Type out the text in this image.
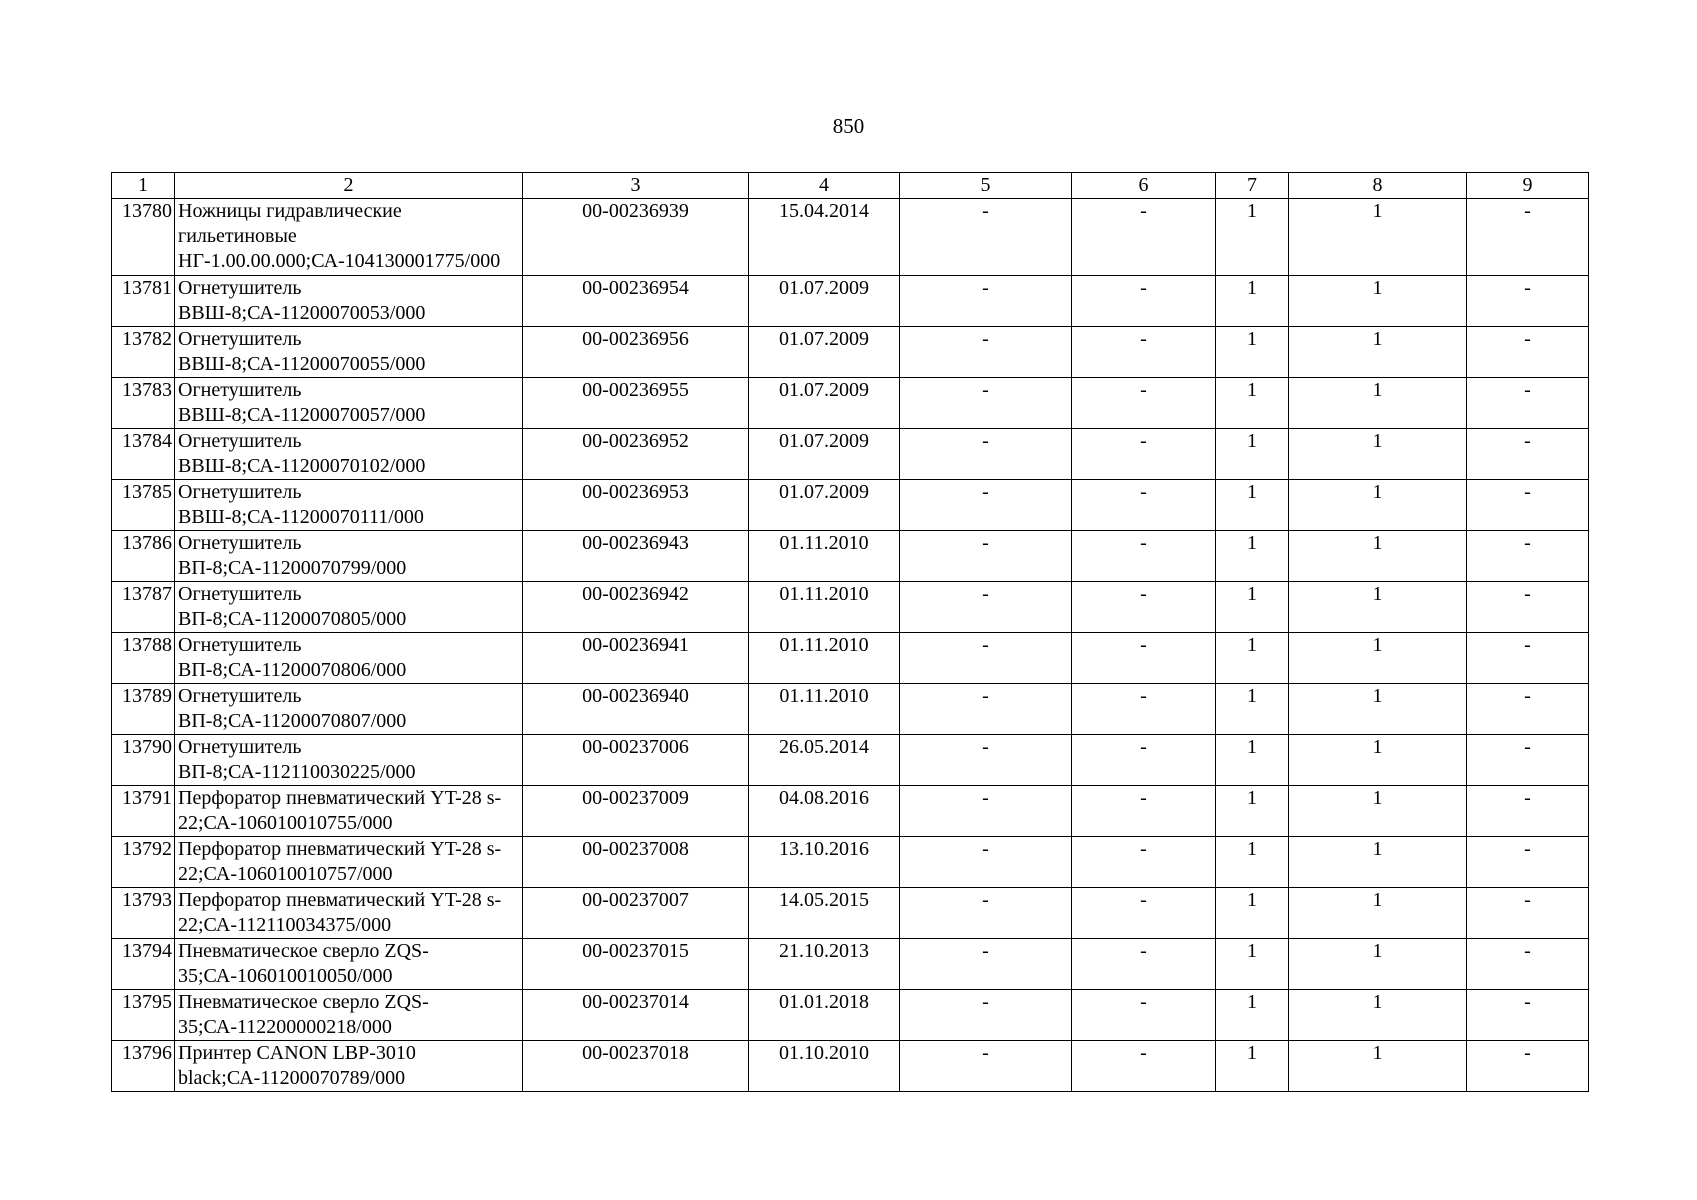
850
1	2	3	4	5	6	7	8	9
13780	Ножницы гидравлические гильетиновые НГ-1.00.00.000;СА-104130001775/000	00-00236939	15.04.2014	-	-	1	1	-
13781	Огнетушитель ВВШ-8;СА-11200070053/000	00-00236954	01.07.2009	-	-	1	1	-
13782	Огнетушитель ВВШ-8;СА-11200070055/000	00-00236956	01.07.2009	-	-	1	1	-
13783	Огнетушитель ВВШ-8;СА-11200070057/000	00-00236955	01.07.2009	-	-	1	1	-
13784	Огнетушитель ВВШ-8;СА-11200070102/000	00-00236952	01.07.2009	-	-	1	1	-
13785	Огнетушитель ВВШ-8;СА-11200070111/000	00-00236953	01.07.2009	-	-	1	1	-
13786	Огнетушитель ВП-8;СА-11200070799/000	00-00236943	01.11.2010	-	-	1	1	-
13787	Огнетушитель ВП-8;СА-11200070805/000	00-00236942	01.11.2010	-	-	1	1	-
13788	Огнетушитель ВП-8;СА-11200070806/000	00-00236941	01.11.2010	-	-	1	1	-
13789	Огнетушитель ВП-8;СА-11200070807/000	00-00236940	01.11.2010	-	-	1	1	-
13790	Огнетушитель ВП-8;СА-112110030225/000	00-00237006	26.05.2014	-	-	1	1	-
13791	Перфоратор пневматический YT-28 s-22;СА-106010010755/000	00-00237009	04.08.2016	-	-	1	1	-
13792	Перфоратор пневматический YT-28 s-22;СА-106010010757/000	00-00237008	13.10.2016	-	-	1	1	-
13793	Перфоратор пневматический YT-28 s-22;СА-112110034375/000	00-00237007	14.05.2015	-	-	1	1	-
13794	Пневматическое сверло ZQS-35;СА-106010010050/000	00-00237015	21.10.2013	-	-	1	1	-
13795	Пневматическое сверло ZQS-35;СА-112200000218/000	00-00237014	01.01.2018	-	-	1	1	-
13796	Принтер CANON LBP-3010 black;СА-11200070789/000	00-00237018	01.10.2010	-	-	1	1	-
